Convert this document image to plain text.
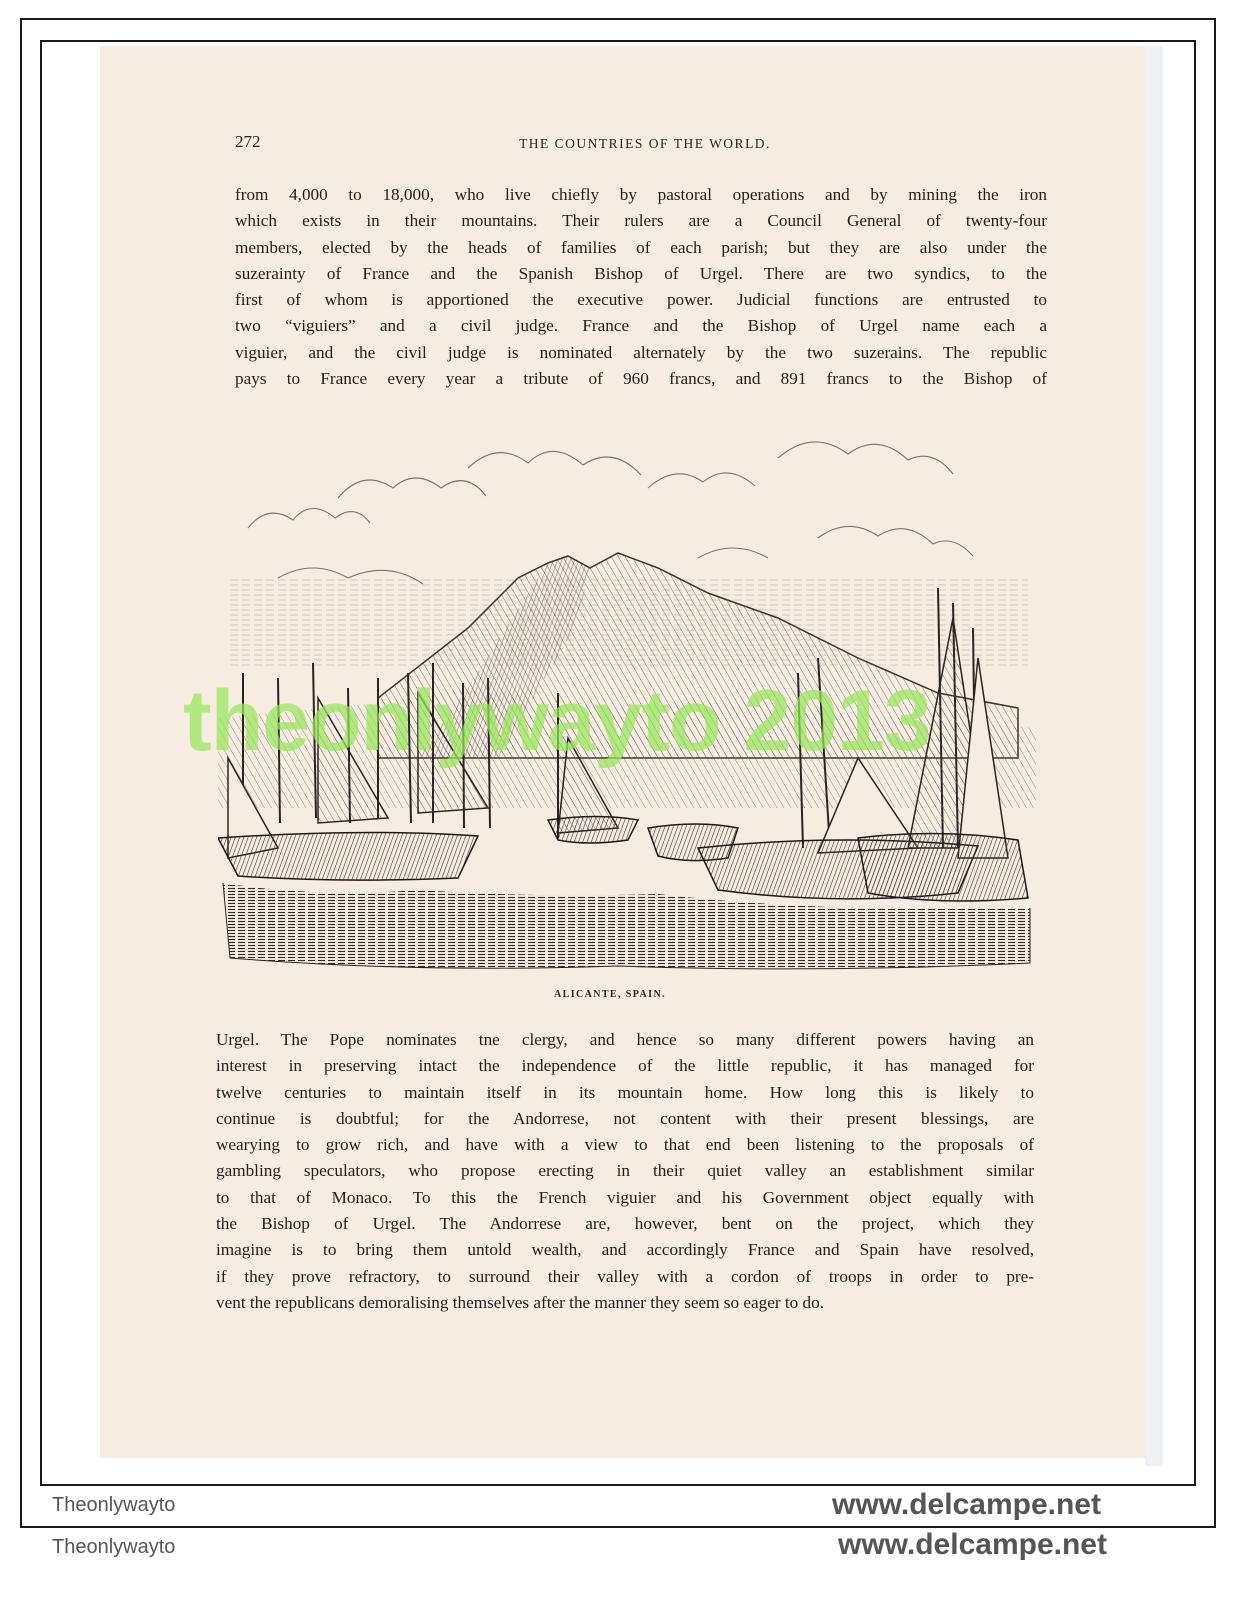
272	THE COUNTRIES OF THE WORLD.
from 4,000 to 18,000, who live chiefly by pastoral operations and by mining the iron
which exists in their mountains. Their rulers are a Council General of twenty-four
members, elected by the heads of families of each parish; but they are also under the
suzerainty of France and the Spanish Bishop of Urgel. There are two syndics, to the
first of whom is apportioned the executive power. Judicial functions are entrusted to
two “viguiers” and a civil judge. France and the Bishop of Urgel name each a
viguier, and the civil judge is nominated alternately by the two suzerains. The republic
pays to France every year a tribute of 960 francs, and 891 francs to the Bishop of
theonlywayto 2013
ALICANTE, SPAIN.
Urgel. The Pope nominates tne clergy, and hence so many different powers having an
interest in preserving intact the independence of the little republic, it has managed for
twelve centuries to maintain itself in its mountain home. How long this is likely to
continue is doubtful; for the Andorrese, not content with their present blessings, are
wearying to grow rich, and have with a view to that end been listening to the proposals of
gambling speculators, who propose erecting in their quiet valley an establishment similar
to that of Monaco. To this the French viguier and his Government object equally with
the Bishop of Urgel. The Andorrese are, however, bent on the project, which they
imagine is to bring them untold wealth, and accordingly France and Spain have resolved,
if they prove refractory, to surround their valley with a cordon of troops in order to pre-
vent the republicans demoralising themselves after the manner they seem so eager to do.
Theonlywayto	www.delcampe.net
Theonlywayto	www.delcampe.net
